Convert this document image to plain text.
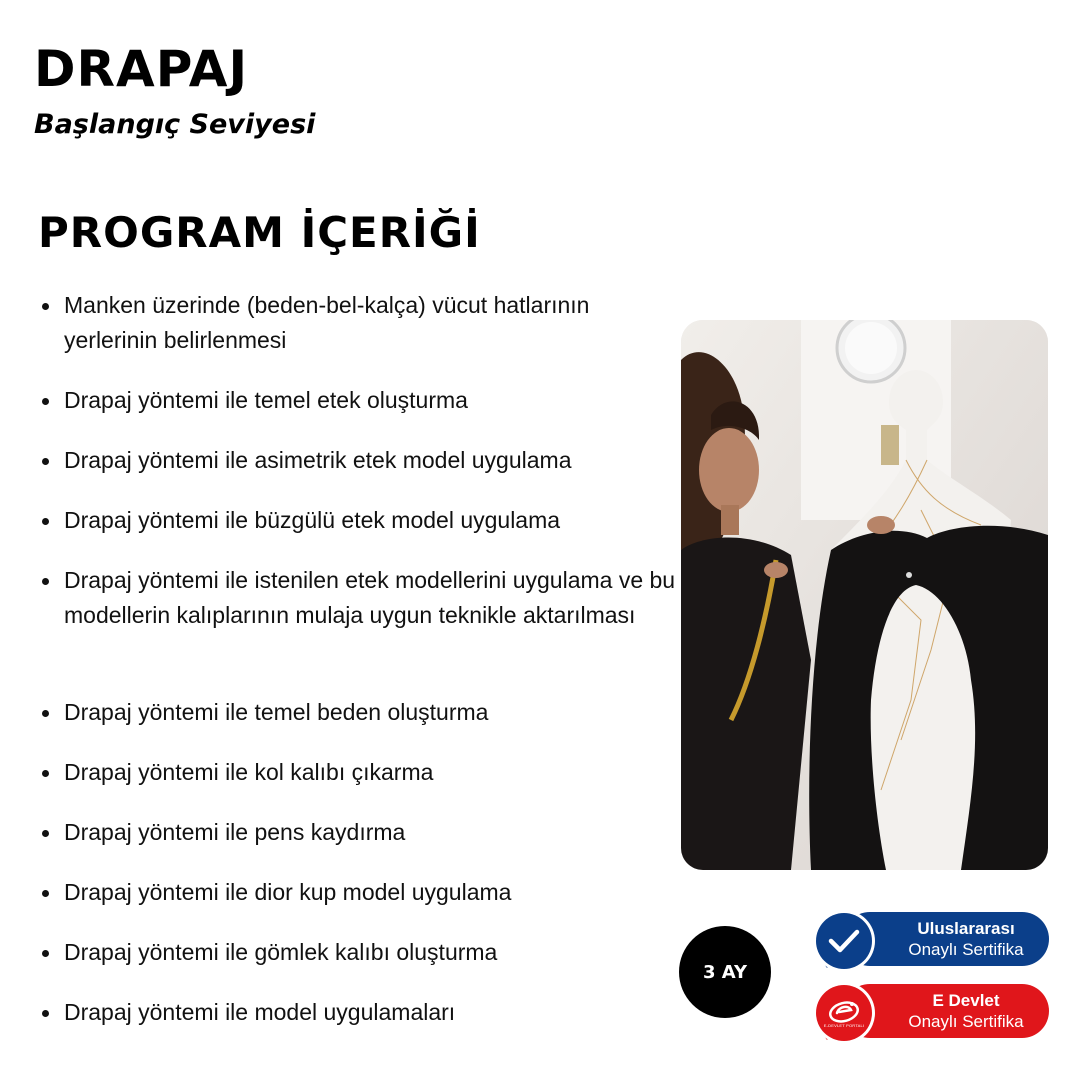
DRAPAJ
Başlangıç Seviyesi
PROGRAM İÇERİĞİ
Manken üzerinde (beden-bel-kalça) vücut hatlarının yerlerinin belirlenmesi
Drapaj yöntemi ile temel etek oluşturma
Drapaj yöntemi ile asimetrik etek model uygulama
Drapaj yöntemi ile büzgülü etek model uygulama
Drapaj yöntemi ile istenilen etek modellerini uygulama ve bu modellerin kalıplarının mulaja uygun teknikle aktarılması
Drapaj yöntemi ile temel beden oluşturma
Drapaj yöntemi ile kol kalıbı çıkarma
Drapaj yöntemi ile pens kaydırma
Drapaj yöntemi ile dior kup model uygulama
Drapaj yöntemi ile gömlek kalıbı oluşturma
Drapaj yöntemi ile model uygulamaları
3 AY
Uluslararası
Onaylı Sertifika
E Devlet
Onaylı Sertifika
E-DEVLET PORTALI
